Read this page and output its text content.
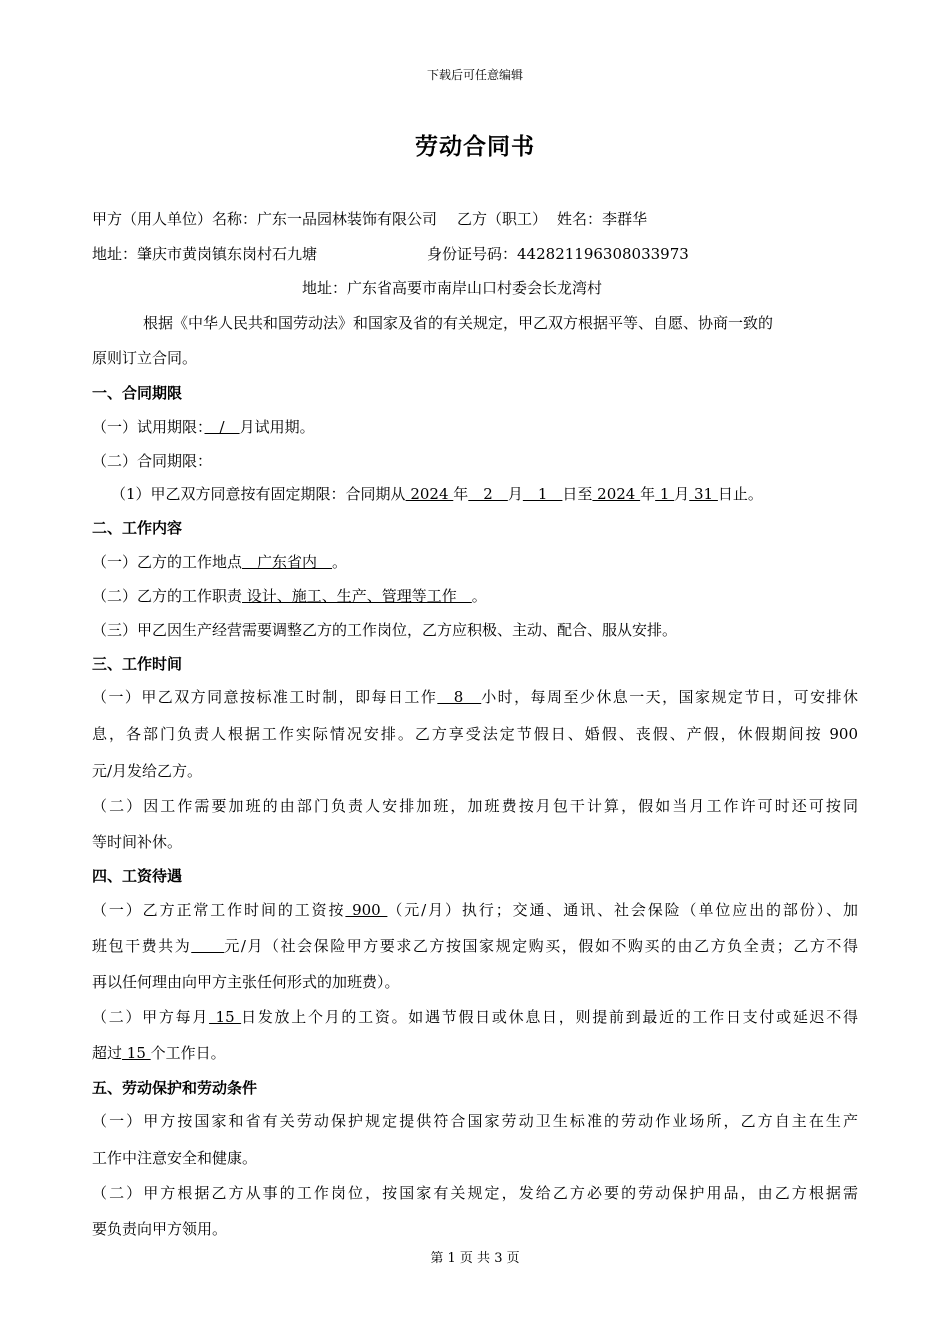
下载后可任意编辑
劳动合同书
甲方（用人单位）名称：广东一品园林装饰有限公司 乙方（职工） 姓名：李群华
地址：肇庆市黄岗镇东岗村石九塘	身份证号码：442821196308033973
地址：广东省高要市南岸山口村委会长龙湾村
根据《中华人民共和国劳动法》和国家及省的有关规定，甲乙双方根据平等、自愿、协商一致的
原则订立合同。
一、合同期限
（一）试用期限：　/　月试用期。
（二）合同期限：
（1）甲乙双方同意按有固定期限：合同期从 2024 年　2　月　1　日至 2024 年 1 月 31 日止。
二、工作内容
（一）乙方的工作地点　广东省内　。
（二）乙方的工作职责 设计、施工、生产、管理等工作　。
（三）甲乙因生产经营需要调整乙方的工作岗位，乙方应积极、主动、配合、服从安排。
三、工作时间
（一）甲乙双方同意按标准工时制，即每日工作　8　小时，每周至少休息一天，国家规定节日，可安排休
息，各部门负责人根据工作实际情况安排。乙方享受法定节假日、婚假、丧假、产假，休假期间按 900
元/月发给乙方。
（二）因工作需要加班的由部门负责人安排加班，加班费按月包干计算，假如当月工作许可时还可按同
等时间补休。
四、工资待遇
（一）乙方正常工作时间的工资按 900 （元/月）执行；交通、通讯、社会保险（单位应出的部份）、加
班包干费共为　　 元/月（社会保险甲方要求乙方按国家规定购买，假如不购买的由乙方负全责；乙方不得
再以任何理由向甲方主张任何形式的加班费）。
（二）甲方每月 15 日发放上个月的工资。如遇节假日或休息日，则提前到最近的工作日支付或延迟不得
超过 15 个工作日。
五、劳动保护和劳动条件
（一）甲方按国家和省有关劳动保护规定提供符合国家劳动卫生标准的劳动作业场所，乙方自主在生产
工作中注意安全和健康。
（二）甲方根据乙方从事的工作岗位，按国家有关规定，发给乙方必要的劳动保护用品，由乙方根据需
要负责向甲方领用。
第 1 页 共 3 页
